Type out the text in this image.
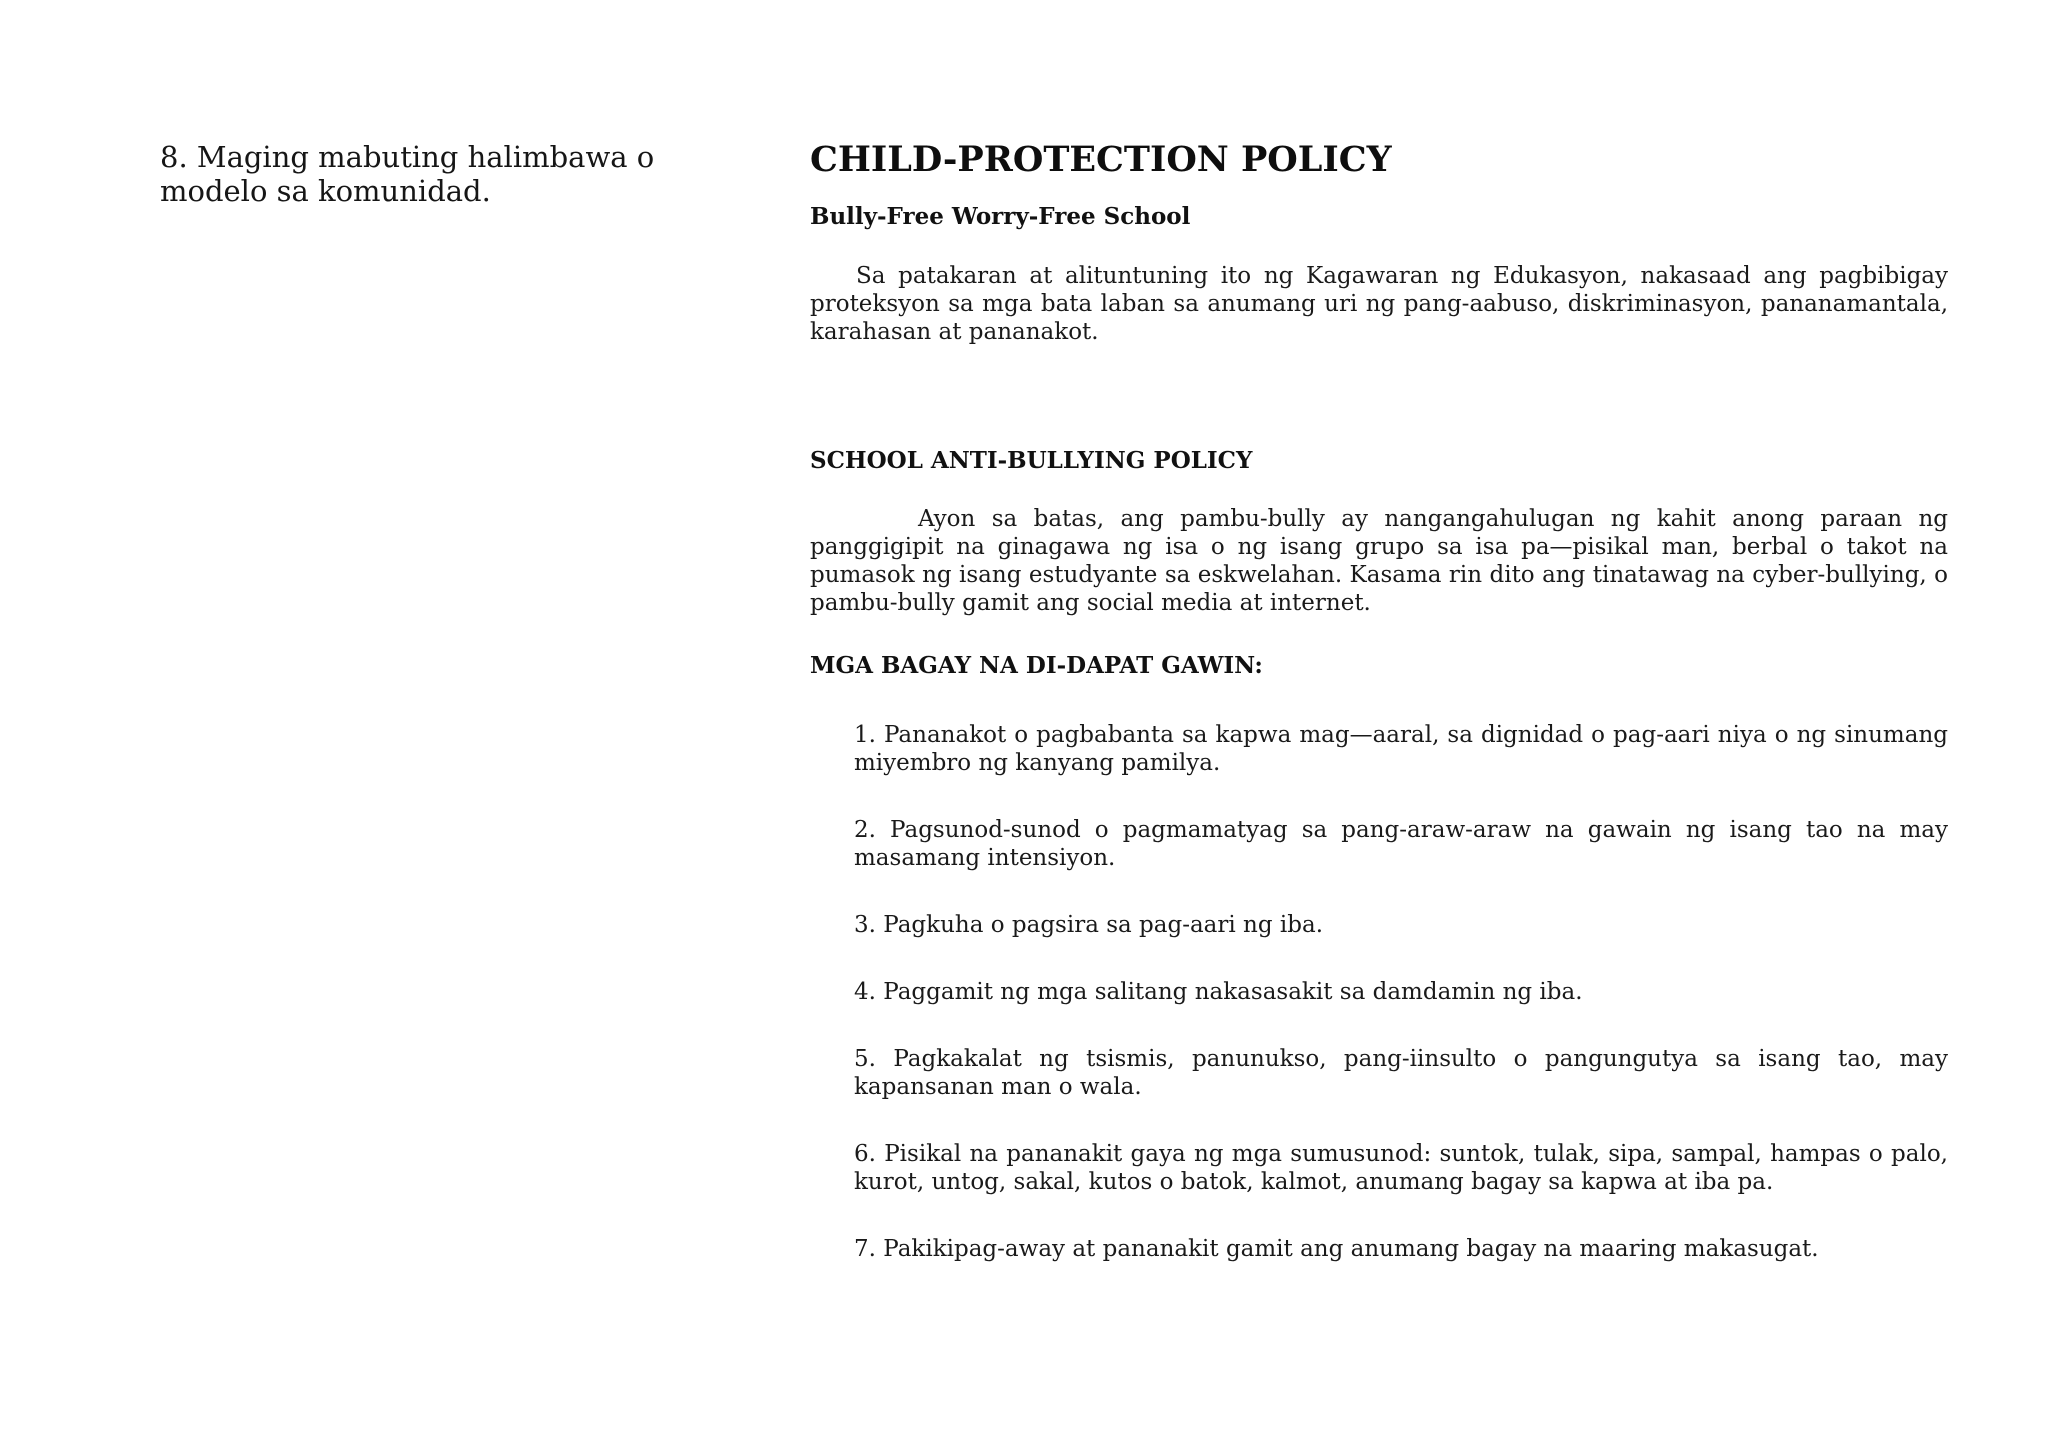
8. Maging mabuting halimbawa o modelo sa komunidad.

CHILD-PROTECTION POLICY
Bully-Free Worry-Free School

Sa patakaran at alituntuning ito ng Kagawaran ng Edukasyon, nakasaad ang pagbibigay proteksyon sa mga bata laban sa anumang uri ng pang-aabuso, diskriminasyon, pananamantala, karahasan at pananakot.

SCHOOL ANTI-BULLYING POLICY

Ayon sa batas, ang pambu-bully ay nangangahulugan ng kahit anong paraan ng panggigipit na ginagawa ng isa o ng isang grupo sa isa pa—pisikal man, berbal o takot na pumasok ng isang estudyante sa eskwelahan. Kasama rin dito ang tinatawag na cyber-bullying, o pambu-bully gamit ang social media at internet.

MGA BAGAY NA DI-DAPAT GAWIN:
1. Pananakot o pagbabanta sa kapwa mag—aaral, sa dignidad o pag-aari niya o ng sinumang miyembro ng kanyang pamilya.
2. Pagsunod-sunod o pagmamatyag sa pang-araw-araw na gawain ng isang tao na may masamang intensiyon.
3. Pagkuha o pagsira sa pag-aari ng iba.
4. Paggamit ng mga salitang nakasasakit sa damdamin ng iba.
5. Pagkakalat ng tsismis, panunukso, pang-iinsulto o pangungutya sa isang tao, may kapansanan man o wala.
6. Pisikal na pananakit gaya ng mga sumusunod: suntok, tulak, sipa, sampal, hampas o palo, kurot, untog, sakal, kutos o batok, kalmot, anumang bagay sa kapwa at iba pa.
7. Pakikipag-away at pananakit gamit ang anumang bagay na maaring makasugat.
